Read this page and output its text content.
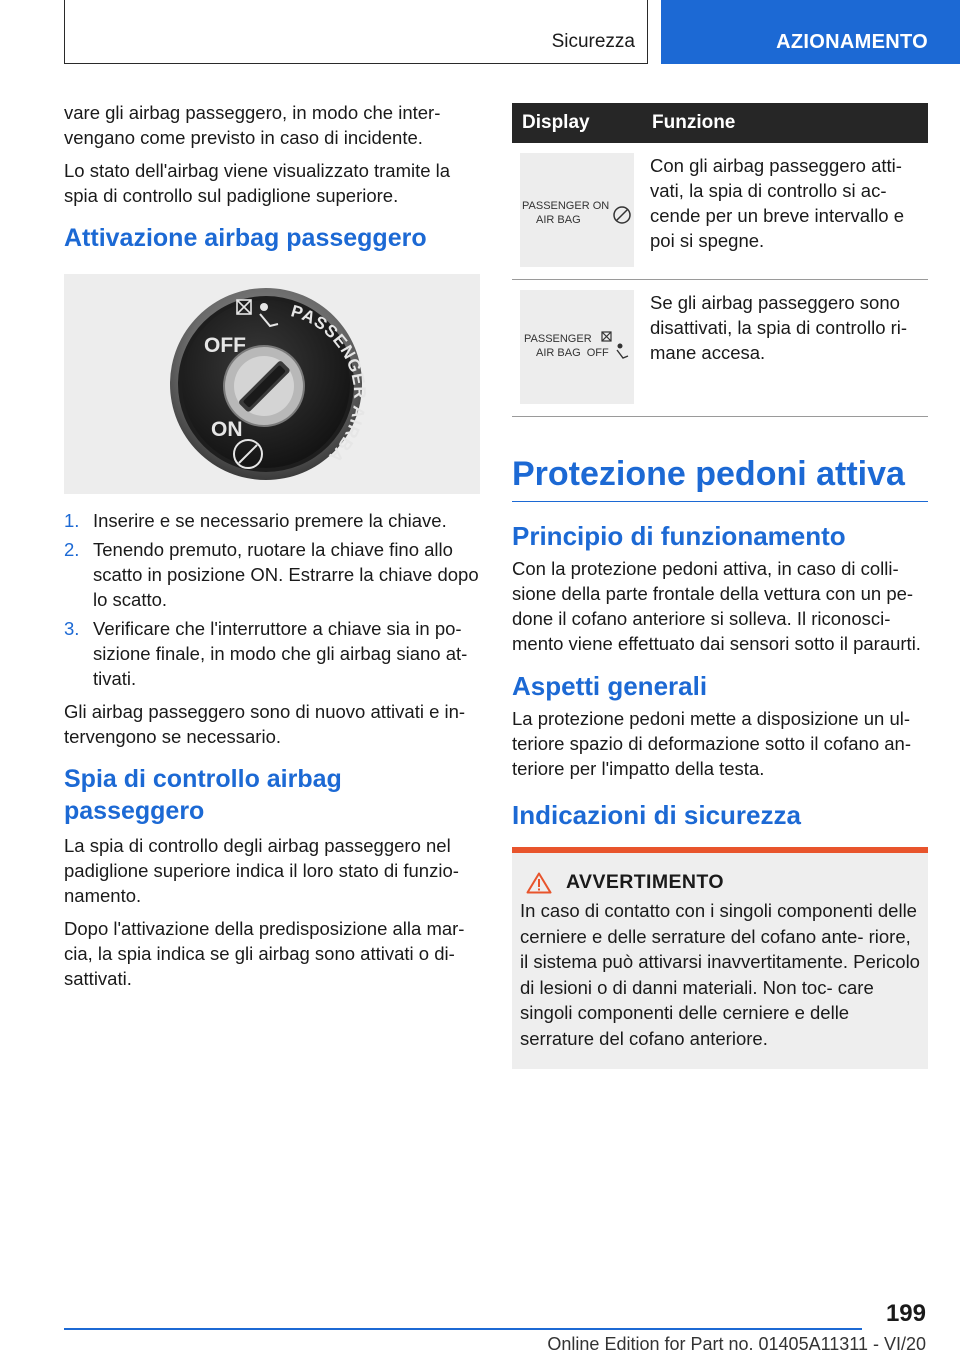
Sicurezza	AZIONAMENTO

vare gli airbag passeggero, in modo che inter- vengano come previsto in caso di incidente.

Lo stato dell'airbag viene visualizzato tramite la spia di controllo sul padiglione superiore.

Attivazione airbag passeggero
OFF
ON
PASSENGER AIRBA
1. Inserire e se necessario premere la chiave.
2. Tenendo premuto, ruotare la chiave fino allo scatto in posizione ON. Estrarre la chiave dopo lo scatto.
3. Verificare che l'interruttore a chiave sia in po- sizione finale, in modo che gli airbag siano at- tivati.

Gli airbag passeggero sono di nuovo attivati e in- tervengono se necessario.

Spia di controllo airbag passeggero

La spia di controllo degli airbag passeggero nel padiglione superiore indica il loro stato di funzio- namento.

Dopo l'attivazione della predisposizione alla mar- cia, la spia indica se gli airbag sono attivati o di- sattivati.

Display	Funzione

PASSENGER ON
AIR BAG	Con gli airbag passeggero atti- vati, la spia di controllo si ac- cende per un breve intervallo e poi si spegne.

PASSENGER
AIR BAG  OFF	Se gli airbag passeggero sono disattivati, la spia di controllo ri- mane accesa.
Protezione pedoni attiva
Principio di funzionamento

Con la protezione pedoni attiva, in caso di colli- sione della parte frontale della vettura con un pe- done il cofano anteriore si solleva. Il riconosci- mento viene effettuato dai sensori sotto il paraurti.

Aspetti generali

La protezione pedoni mette a disposizione un ul- teriore spazio di deformazione sotto il cofano an- teriore per l'impatto della testa.

Indicazioni di sicurezza
AVVERTIMENTO

In caso di contatto con i singoli componenti delle cerniere e delle serrature del cofano ante- riore, il sistema può attivarsi inavvertitamente. Pericolo di lesioni o di danni materiali. Non toc- care singoli componenti delle cerniere e delle serrature del cofano anteriore.

199
Online Edition for Part no. 01405A11311 - VI/20
